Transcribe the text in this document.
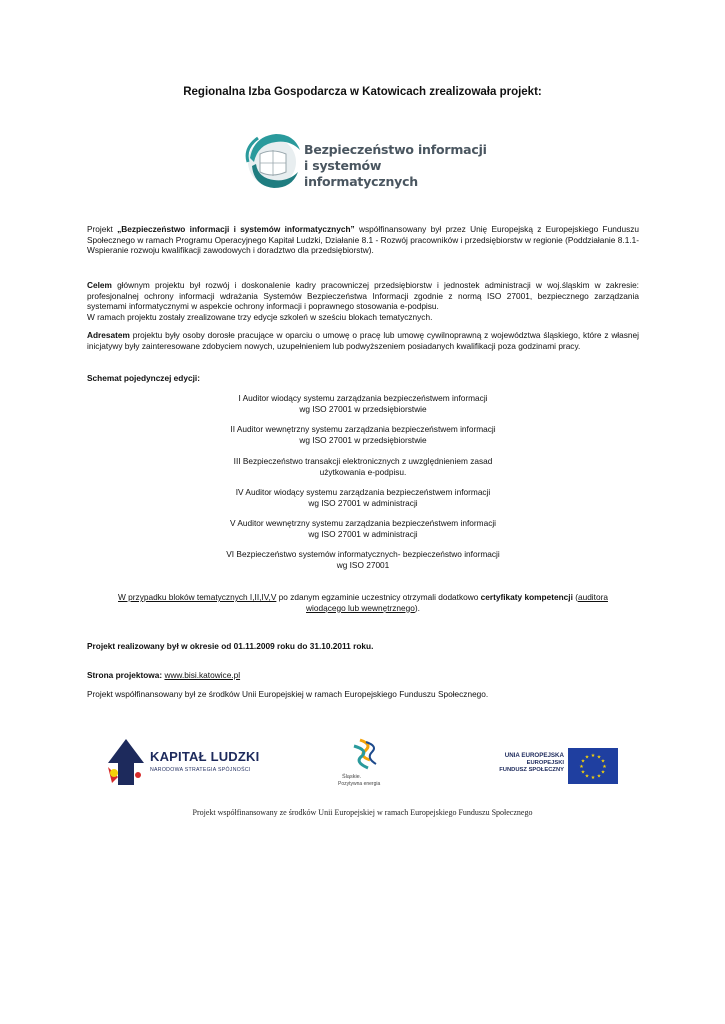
Regionalna Izba Gospodarcza w Katowicach zrealizowała projekt:
Bezpieczeństwo informacji
i systemów informatycznych
Projekt „Bezpieczeństwo informacji i systemów informatycznych” współfinansowany był przez Unię Europejską z Europejskiego Funduszu Społecznego w ramach Programu Operacyjnego Kapitał Ludzki, Działanie 8.1 - Rozwój pracowników i przedsiębiorstw w regionie (Poddziałanie 8.1.1-Wspieranie rozwoju kwalifikacji zawodowych i doradztwo dla przedsiębiorstw).
Celem głównym projektu był rozwój i doskonalenie kadry pracowniczej przedsiębiorstw i jednostek administracji w woj.śląskim w zakresie: profesjonalnej ochrony informacji wdrażania Systemów Bezpieczeństwa Informacji zgodnie z normą ISO 27001, bezpiecznego zarządzania systemami informatycznymi w aspekcie ochrony informacji i poprawnego stosowania e-podpisu.
W ramach projektu zostały zrealizowane trzy edycje szkoleń w sześciu blokach tematycznych.
Adresatem projektu były osoby dorosłe pracujące w oparciu o umowę o pracę lub umowę cywilnoprawną z województwa śląskiego, które z własnej inicjatywy były zainteresowane zdobyciem nowych, uzupełnieniem lub podwyższeniem posiadanych kwalifikacji poza godzinami pracy.
Schemat pojedynczej edycji:
I Auditor wiodący systemu zarządzania bezpieczeństwem informacji
wg ISO 27001 w przedsiębiorstwie
II Auditor wewnętrzny systemu zarządzania bezpieczeństwem informacji
wg ISO 27001 w przedsiębiorstwie
III Bezpieczeństwo transakcji elektronicznych z uwzględnieniem zasad
użytkowania e-podpisu.
IV Auditor wiodący systemu zarządzania bezpieczeństwem informacji
wg ISO 27001 w administracji
V Auditor wewnętrzny systemu zarządzania bezpieczeństwem informacji
wg ISO 27001 w administracji
VI Bezpieczeństwo systemów informatycznych- bezpieczeństwo informacji
wg ISO 27001
W przypadku bloków tematycznych I,II,IV,V po zdanym egzaminie uczestnicy otrzymali dodatkowo certyfikaty kompetencji (auditora
wiodącego lub wewnętrznego).
Projekt realizowany był w okresie od 01.11.2009 roku do 31.10.2011 roku.
Strona projektowa: www.bisi.katowice.pl
Projekt współfinansowany był ze środków Unii Europejskiej w ramach Europejskiego Funduszu Społecznego.
KAPITAŁ LUDZKI
NARODOWA STRATEGIA SPÓJNOŚCI
Śląskie.
Pozytywna energia
UNIA EUROPEJSKA
EUROPEJSKI
FUNDUSZ SPOŁECZNY
★ ★
★
★
★
★
★
★
★
★
★
★
Projekt współfinansowany ze środków Unii Europejskiej w ramach Europejskiego Funduszu Społecznego
